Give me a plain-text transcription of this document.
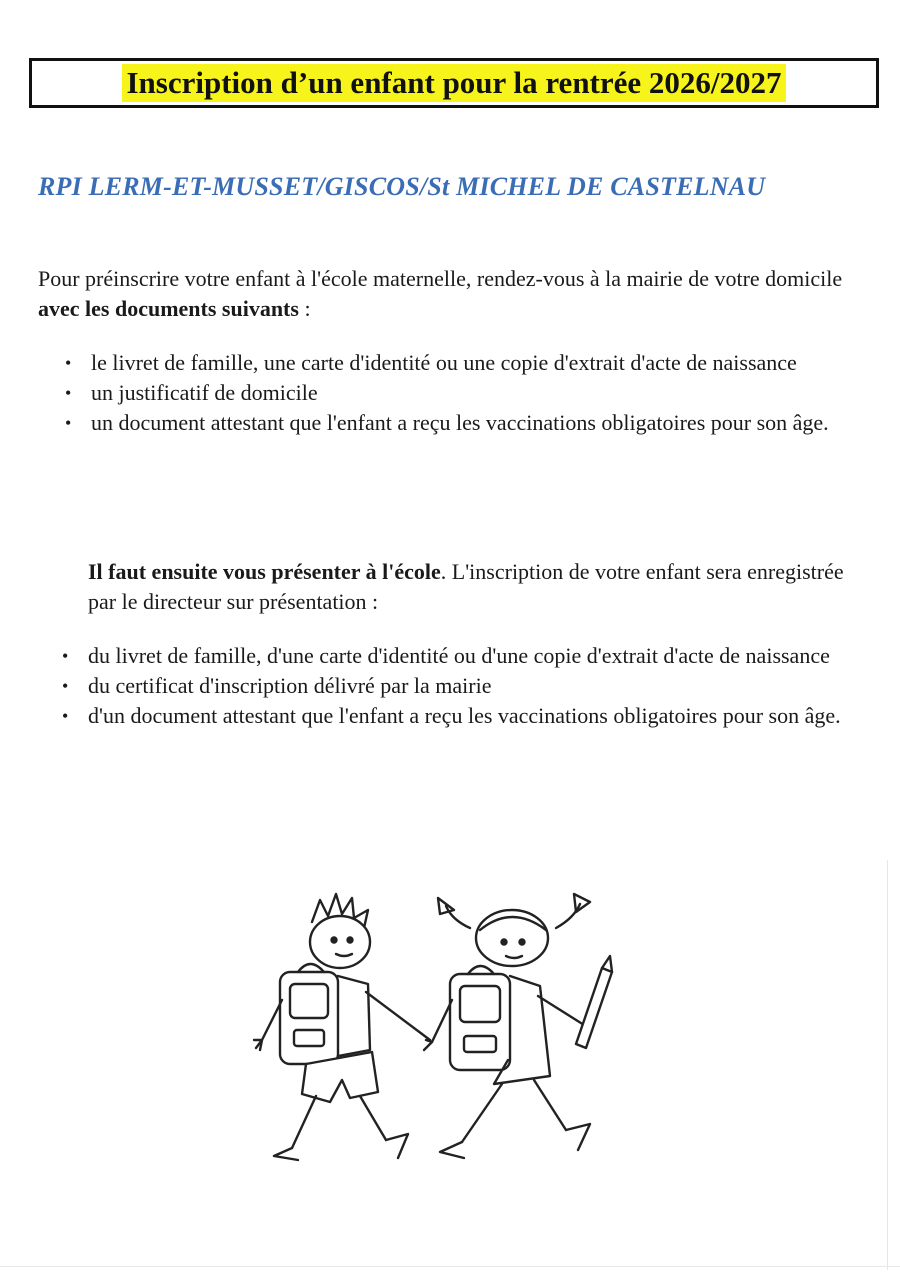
Inscription d’un enfant pour la rentrée 2026/2027
RPI LERM-ET-MUSSET/GISCOS/St MICHEL DE CASTELNAU
Pour préinscrire votre enfant à l'école maternelle, rendez-vous à la mairie de votre domicile avec les documents suivants :
• le livret de famille, une carte d'identité ou une copie d'extrait d'acte de naissance
• un justificatif de domicile
• un document attestant que l'enfant a reçu les vaccinations obligatoires pour son âge.
Il faut ensuite vous présenter à l'école. L'inscription de votre enfant sera enregistrée par le directeur sur présentation :
• du livret de famille, d'une carte d'identité ou d'une copie d'extrait d'acte de naissance
• du certificat d'inscription délivré par la mairie
• d'un document attestant que l'enfant a reçu les vaccinations obligatoires pour son âge.
